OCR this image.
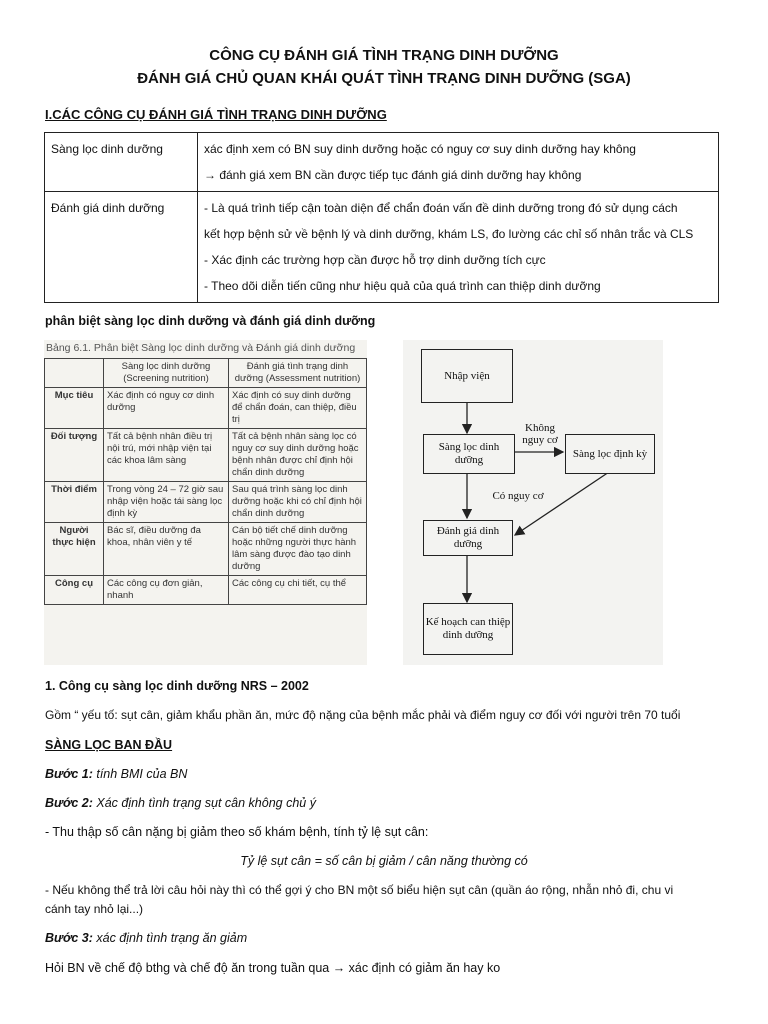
CÔNG CỤ ĐÁNH GIÁ TÌNH TRẠNG DINH DƯỠNG
ĐÁNH GIÁ CHỦ QUAN KHÁI QUÁT TÌNH TRẠNG DINH DƯỠNG (SGA)
I.CÁC CÔNG CỤ ĐÁNH GIÁ TÌNH TRẠNG DINH DƯỠNG
Sàng lọc dinh dưỡng	xác định xem có BN suy dinh dưỡng hoặc có nguy cơ suy dinh dưỡng hay không
→ đánh giá xem BN cần được tiếp tục đánh giá dinh dưỡng hay không

Đánh giá dinh dưỡng	- Là quá trình tiếp cận toàn diện để chẩn đoán vấn đề dinh dưỡng trong đó sử dụng cách
kết hợp bệnh sử về bệnh lý và dinh dưỡng, khám LS, đo lường các chỉ số nhân trắc và CLS
- Xác định các trường hợp cần được hỗ trợ dinh dưỡng tích cực
- Theo dõi diễn tiến cũng như hiệu quả của quá trình can thiệp dinh dưỡng
phân biệt sàng lọc dinh dưỡng và đánh giá dinh dưỡng
Bảng 6.1. Phân biệt Sàng lọc dinh dưỡng và Đánh giá dinh dưỡng
	Sàng lọc dinh dưỡng (Screening nutrition)	Đánh giá tình trạng dinh dưỡng (Assessment nutrition)
Mục tiêu	Xác định có nguy cơ dinh dưỡng	Xác định có suy dinh dưỡng để chẩn đoán, can thiệp, điều trị
Đối tượng	Tất cả bệnh nhân điều trị nội trú, mới nhập viện tại các khoa lâm sàng	Tất cả bệnh nhân sàng lọc có nguy cơ suy dinh dưỡng hoặc bệnh nhân được chỉ định hội chẩn dinh dưỡng
Thời điểm	Trong vòng 24 – 72 giờ sau nhập viện hoặc tái sàng lọc định kỳ	Sau quá trình sàng lọc dinh dưỡng hoặc khi có chỉ định hội chẩn dinh dưỡng
Người thực hiện	Bác sĩ, điều dưỡng đa khoa, nhân viên y tế	Cán bộ tiết chế dinh dưỡng hoặc những người thực hành lâm sàng được đào tạo dinh dưỡng
Công cụ	Các công cụ đơn giản, nhanh	Các công cụ chi tiết, cụ thể
Nhập viện
Sàng lọc dinh dưỡng
Sàng lọc định kỳ
Đánh giá dinh dưỡng
Kế hoạch can thiệp dinh dưỡng
Không nguy cơ
Có nguy cơ
1. Công cụ sàng lọc dinh dưỡng NRS – 2002
Gồm “ yếu tố: sụt cân, giảm khẩu phần ăn, mức độ nặng của bệnh mắc phải và điểm nguy cơ đối với người trên 70 tuổi
SÀNG LỌC BAN ĐẦU
Bước 1: tính BMI của BN
Bước 2: Xác định tình trạng sụt cân không chủ ý
- Thu thập số cân nặng bị giảm theo số khám bệnh, tính tỷ lệ sụt cân:
Tỷ lệ sụt cân = số cân bị giảm / cân năng thường có
- Nếu không thể trả lời câu hỏi này thì có thể gợi ý cho BN một số biểu hiện sụt cân (quần áo rộng, nhẫn nhỏ đi, chu vi
cánh tay nhỏ lại...)
Bước 3: xác định tình trạng ăn giảm
Hỏi BN về chế độ bthg và chế độ ăn trong tuần qua → xác định có giảm ăn hay ko
